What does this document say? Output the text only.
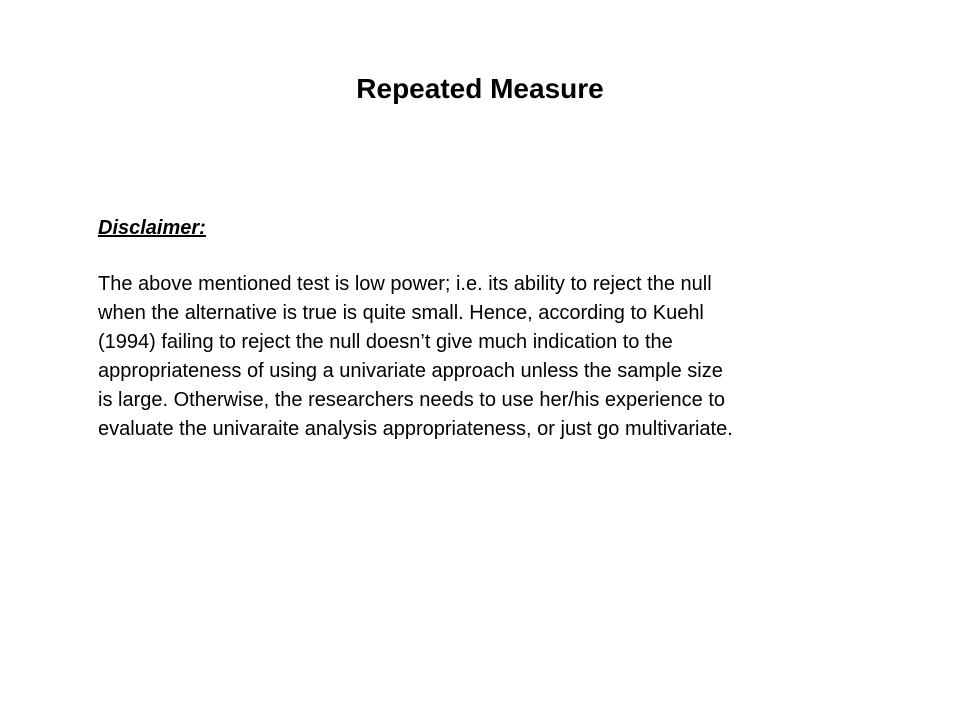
Repeated Measure

Disclaimer:

The above mentioned test is low power; i.e. its ability to reject the null
when the alternative is true is quite small. Hence, according to Kuehl
(1994) failing to reject the null doesn’t give much indication to the
appropriateness of using a univariate approach unless the sample size
is large. Otherwise, the researchers needs to use her/his experience to
evaluate the univaraite analysis appropriateness, or just go multivariate.
